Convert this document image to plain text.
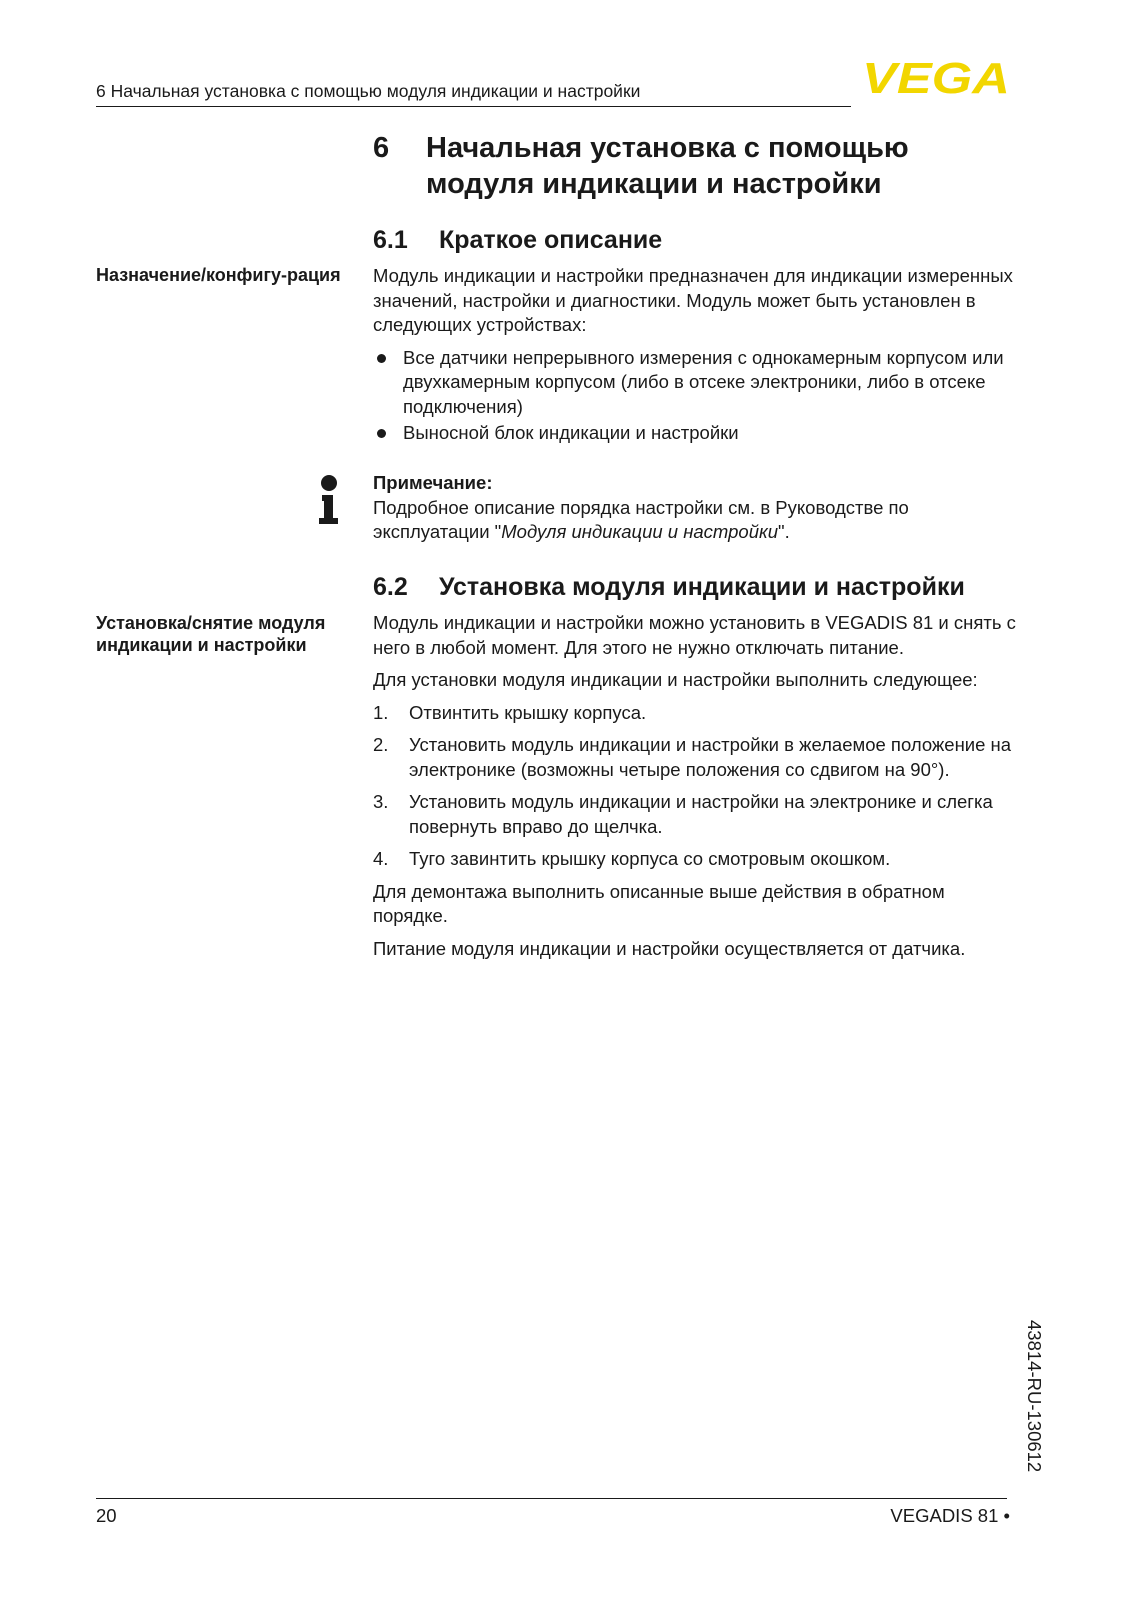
6 Начальная установка с помощью модуля индикации и настройки	VEGA
6 Начальная установка с помощью модуля индикации и настройки
6.1 Краткое описание
Назначение/конфигу-рация Модуль индикации и настройки предназначен для индикации измеренных значений, настройки и диагностики. Модуль может быть установлен в следующих устройствах:

Все датчики непрерывного измерения с однокамерным корпусом или двухкамерным корпусом (либо в отсеке электроники, либо в отсеке подключения)
Выносной блок индикации и настройки
Примечание:
Подробное описание порядка настройки см. в Руководстве по эксплуатации "Модуля индикации и настройки".
6.2 Установка модуля индикации и настройки
Установка/снятие модуля индикации и настройки

Модуль индикации и настройки можно установить в VEGADIS 81 и снять с него в любой момент. Для этого не нужно отключать питание.

Для установки модуля индикации и настройки выполнить следующее:

1. Отвинтить крышку корпуса.
2. Установить модуль индикации и настройки в желаемое положение на электронике (возможны четыре положения со сдвигом на 90°).
3. Установить модуль индикации и настройки на электронике и слегка повернуть вправо до щелчка.
4. Туго завинтить крышку корпуса со смотровым окошком.

Для демонтажа выполнить описанные выше действия в обратном порядке.

Питание модуля индикации и настройки осуществляется от датчика.

43814-RU-130612
20	VEGADIS 81 •
